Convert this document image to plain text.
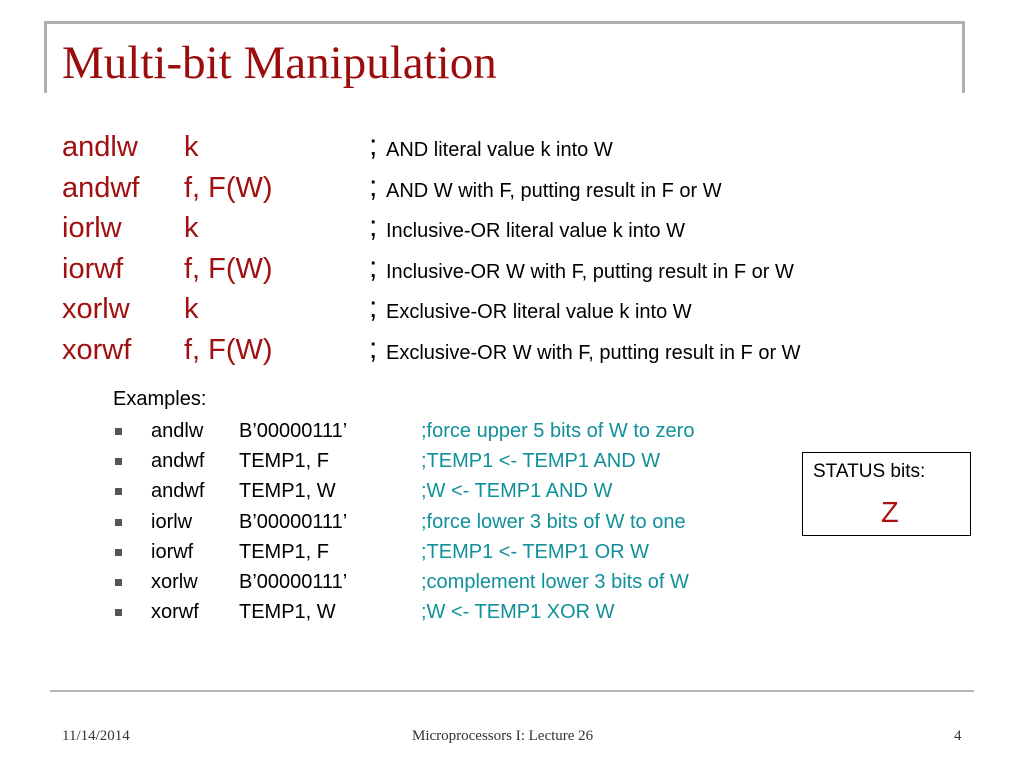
Multi-bit Manipulation
andlw k	; AND literal value k into W
andwf f, F(W)	; AND W with F, putting result in F or W
iorlw k	; Inclusive-OR literal value k into W
iorwf f, F(W)	; Inclusive-OR W with F, putting result in F or W
xorlw k	; Exclusive-OR literal value k into W
xorwf f, F(W)	; Exclusive-OR W with F, putting result in F or W
Examples:
andlw B’00000111’	;force upper 5 bits of W to zero
andwf TEMP1, F	;TEMP1 <- TEMP1 AND W
andwf TEMP1, W	;W <- TEMP1 AND W
iorlw B’00000111’	;force lower 3 bits of W to one
iorwf TEMP1, F	;TEMP1 <- TEMP1 OR W
xorlw B’00000111’	;complement lower 3 bits of W
xorwf TEMP1, W	;W <- TEMP1 XOR W
STATUS bits:
Z
11/14/2014	Microprocessors I: Lecture 26	4
